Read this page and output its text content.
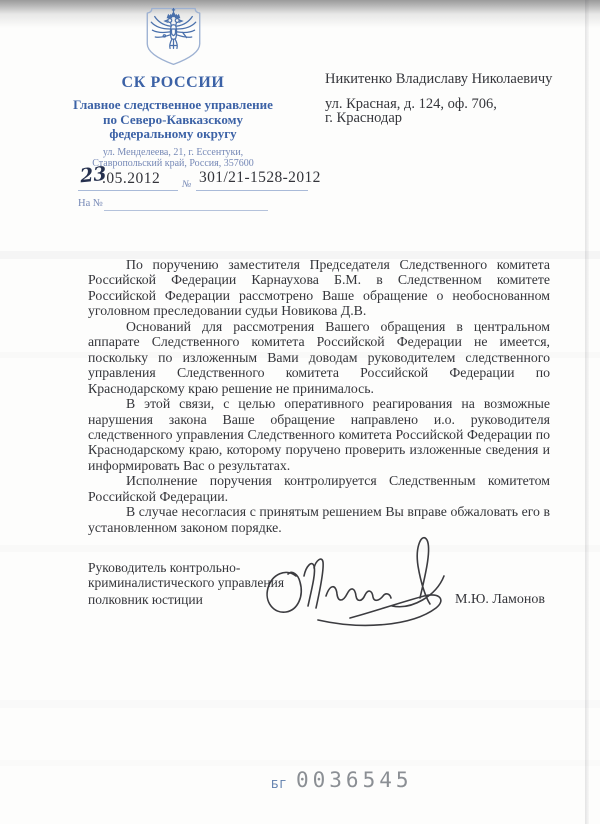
СК РОССИИ
Главное следственное управление
по Северо-Кавказскому
федеральному округу
ул. Менделеева, 21, г. Ессентуки,
Ставропольский край, Россия, 357600
23
.05.2012 № 301/21-1528-2012
На №
Никитенко Владиславу Николаевичу
ул. Красная, д. 124, оф. 706,
г. Краснодар

По поручению заместителя Председателя Следственного комитета Российской Федерации Карнаухова Б.М. в Следственном комитете Российской Федерации рассмотрено Ваше обращение о необоснованном уголовном преследовании судьи Новикова Д.В.

Оснований для рассмотрения Вашего обращения в центральном аппарате Следственного комитета Российской Федерации не имеется, поскольку по изложенным Вами доводам руководителем следственного управления Следственного комитета Российской Федерации по Краснодарскому краю решение не принималось.

В этой связи, с целью оперативного реагирования на возможные нарушения закона Ваше обращение направлено и.о. руководителя следственного управления Следственного комитета Российской Федерации по Краснодарскому краю, которому поручено проверить изложенные сведения и информировать Вас о результатах.

Исполнение поручения контролируется Следственным комитетом Российской Федерации.

В случае несогласия с принятым решением Вы вправе обжаловать его в установленном законом порядке.

Руководитель контрольно-
криминалистического управления
полковник юстиции	М.Ю. Ламонов
БГ 0036545
